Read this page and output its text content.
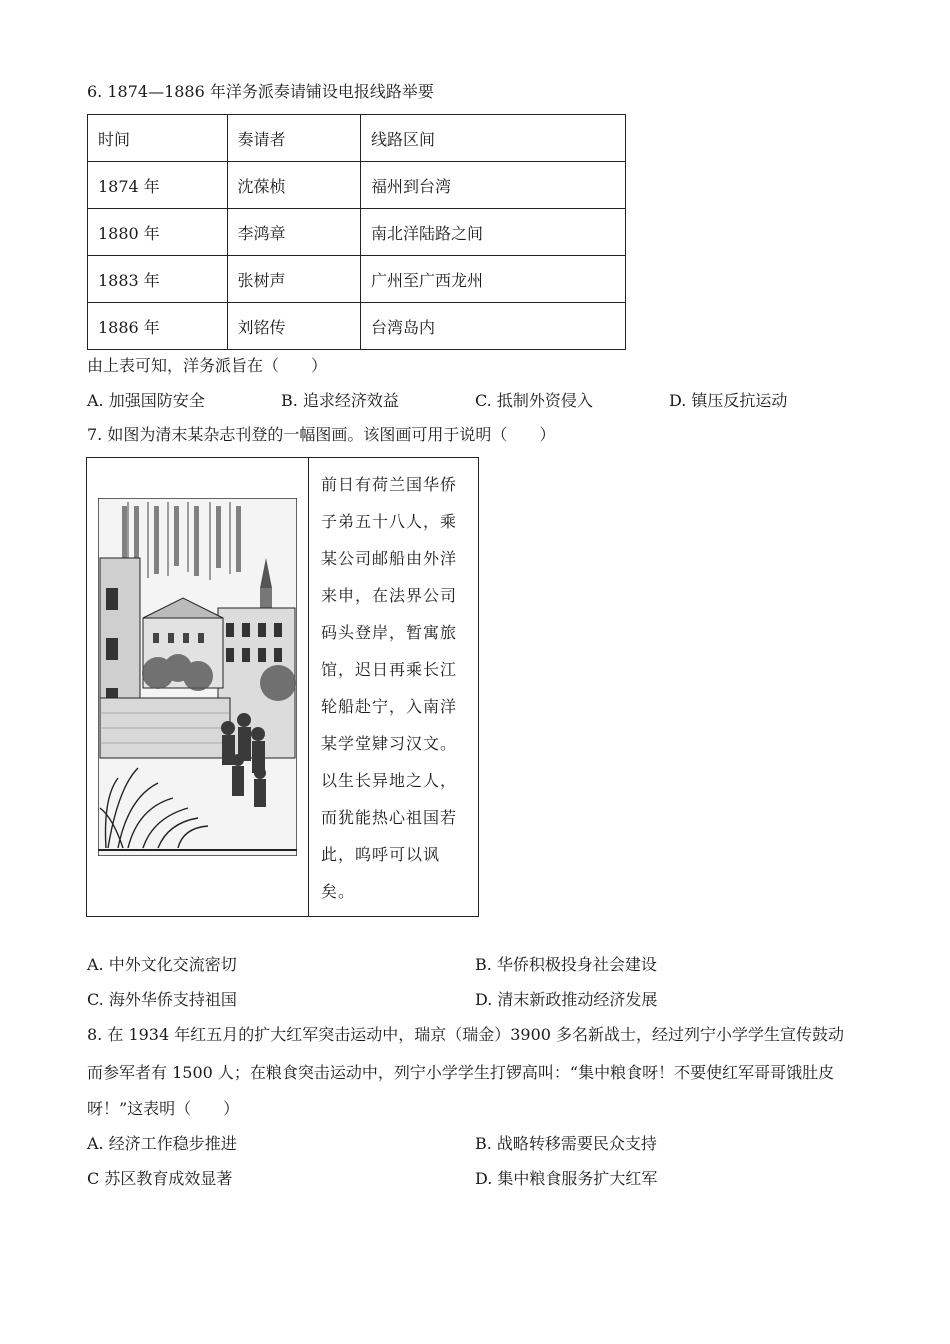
6. 1874—1886 年洋务派奏请铺设电报线路举要
时间	奏请者	线路区间
1874 年	沈葆桢	福州到台湾
1880 年	李鸿章	南北洋陆路之间
1883 年	张树声	广州至广西龙州
1886 年	刘铭传	台湾岛内
由上表可知，洋务派旨在（　　）
A. 加强国防安全	B. 追求经济效益	C. 抵制外资侵入	D. 镇压反抗运动
7. 如图为清末某杂志刊登的一幅图画。该图画可用于说明（　　）
前日有荷兰国华侨子弟五十八人，乘某公司邮船由外洋来申，在法界公司码头登岸，暂寓旅馆，迟日再乘长江轮船赴宁，入南洋某学堂肄习汉文。以生长异地之人，而犹能热心祖国若此，呜呼可以讽矣。
A. 中外文化交流密切	B. 华侨积极投身社会建设
C. 海外华侨支持祖国	D. 清末新政推动经济发展
8. 在 1934 年红五月的扩大红军突击运动中，瑞京（瑞金）3900 多名新战士，经过列宁小学学生宣传鼓动
而参军者有 1500 人；在粮食突击运动中，列宁小学学生打锣高叫：“集中粮食呀！不要使红军哥哥饿肚皮
呀！”这表明（　　）
A. 经济工作稳步推进	B. 战略转移需要民众支持
C 苏区教育成效显著	D. 集中粮食服务扩大红军
